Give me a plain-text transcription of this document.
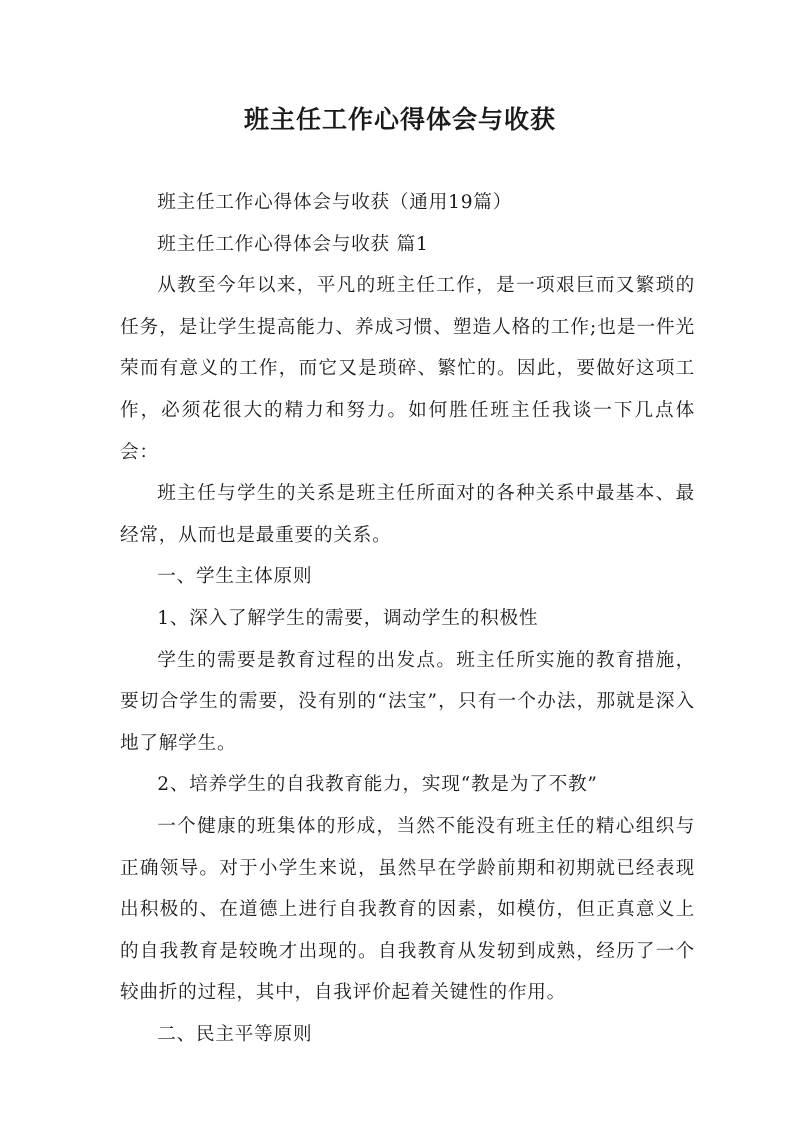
班主任工作心得体会与收获

班主任工作心得体会与收获（通用19篇）

班主任工作心得体会与收获 篇1

从教至今年以来，平凡的班主任工作，是一项艰巨而又繁琐的任务，是让学生提高能力、养成习惯、塑造人格的工作;也是一件光荣而有意义的工作，而它又是琐碎、繁忙的。因此，要做好这项工作，必须花很大的精力和努力。如何胜任班主任我谈一下几点体会：

班主任与学生的关系是班主任所面对的各种关系中最基本、最经常，从而也是最重要的关系。

一、学生主体原则

1、深入了解学生的需要，调动学生的积极性

学生的需要是教育过程的出发点。班主任所实施的教育措施，要切合学生的需要，没有别的“法宝”，只有一个办法，那就是深入地了解学生。

2、培养学生的自我教育能力，实现“教是为了不教”

一个健康的班集体的形成，当然不能没有班主任的精心组织与正确领导。对于小学生来说，虽然早在学龄前期和初期就已经表现出积极的、在道德上进行自我教育的因素，如模仿，但正真意义上的自我教育是较晚才出现的。自我教育从发轫到成熟，经历了一个较曲折的过程，其中，自我评价起着关键性的作用。

二、民主平等原则
